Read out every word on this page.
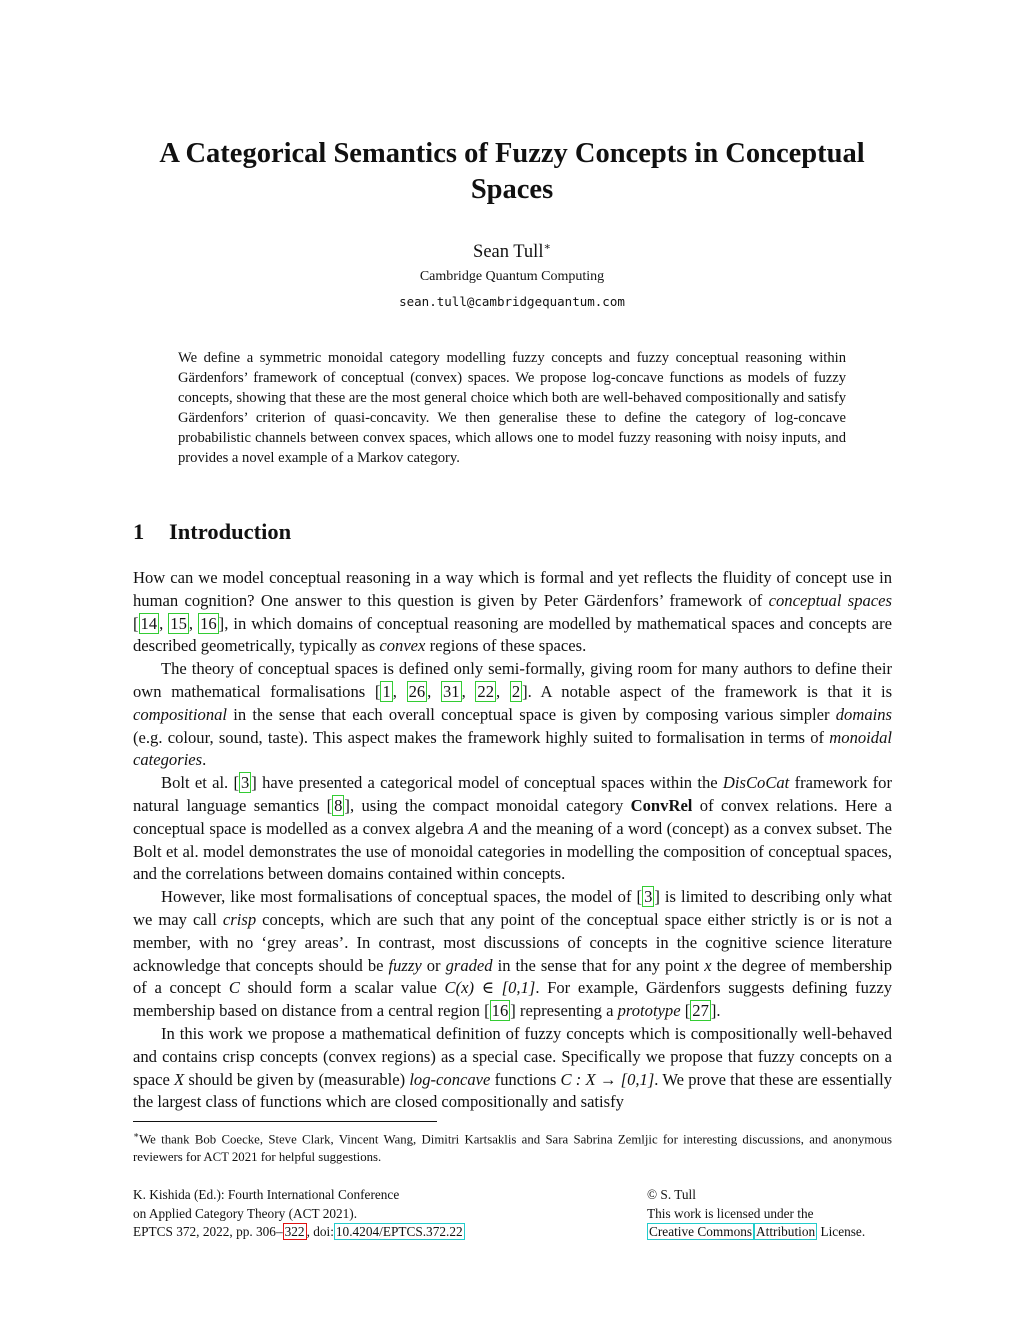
A Categorical Semantics of Fuzzy Concepts in Conceptual Spaces
Sean Tull∗
Cambridge Quantum Computing
sean.tull@cambridgequantum.com
We define a symmetric monoidal category modelling fuzzy concepts and fuzzy conceptual reasoning within Gärdenfors’ framework of conceptual (convex) spaces. We propose log-concave functions as models of fuzzy concepts, showing that these are the most general choice which both are well-behaved compositionally and satisfy Gärdenfors’ criterion of quasi-concavity. We then generalise these to define the category of log-concave probabilistic channels between convex spaces, which allows one to model fuzzy reasoning with noisy inputs, and provides a novel example of a Markov category.
1 Introduction

How can we model conceptual reasoning in a way which is formal and yet reflects the fluidity of concept use in human cognition? One answer to this question is given by Peter Gärdenfors’ framework of conceptual spaces [ 14 , 15 , 16 ], in which domains of conceptual reasoning are modelled by mathematical spaces and concepts are described geometrically, typically as convex regions of these spaces.

The theory of conceptual spaces is defined only semi-formally, giving room for many authors to define their own mathematical formalisations [ 1 , 26 , 31 , 22 , 2 ]. A notable aspect of the framework is that it is compositional in the sense that each overall conceptual space is given by composing various simpler domains (e.g. colour, sound, taste). This aspect makes the framework highly suited to formalisation in terms of monoidal categories.

Bolt et al. [ 3 ] have presented a categorical model of conceptual spaces within the DisCoCat framework for natural language semantics [ 8 ], using the compact monoidal category ConvRel of convex relations. Here a conceptual space is modelled as a convex algebra A and the meaning of a word (concept) as a convex subset. The Bolt et al. model demonstrates the use of monoidal categories in modelling the composition of conceptual spaces, and the correlations between domains contained within concepts.

However, like most formalisations of conceptual spaces, the model of [ 3 ] is limited to describing only what we may call crisp concepts, which are such that any point of the conceptual space either strictly is or is not a member, with no ‘grey areas’. In contrast, most discussions of concepts in the cognitive science literature acknowledge that concepts should be fuzzy or graded in the sense that for any point x the degree of membership of a concept C should form a scalar value C(x) ∈ [0,1]. For example, Gärdenfors suggests defining fuzzy membership based on distance from a central region [ 16 ] representing a prototype [ 27 ].

In this work we propose a mathematical definition of fuzzy concepts which is compositionally well-behaved and contains crisp concepts (convex regions) as a special case. Specifically we propose that fuzzy concepts on a space X should be given by (measurable) log-concave functions C : X → [0,1]. We prove that these are essentially the largest class of functions which are closed compositionally and satisfy

∗We thank Bob Coecke, Steve Clark, Vincent Wang, Dimitri Kartsaklis and Sara Sabrina Zemljic for interesting discussions, and anonymous reviewers for ACT 2021 for helpful suggestions.
K. Kishida (Ed.): Fourth International Conference
on Applied Category Theory (ACT 2021).
EPTCS 372, 2022, pp. 306– 322 , doi: 10.4204/EPTCS.372.22
© S. Tull
This work is licensed under the
Creative Commons Attribution License.
